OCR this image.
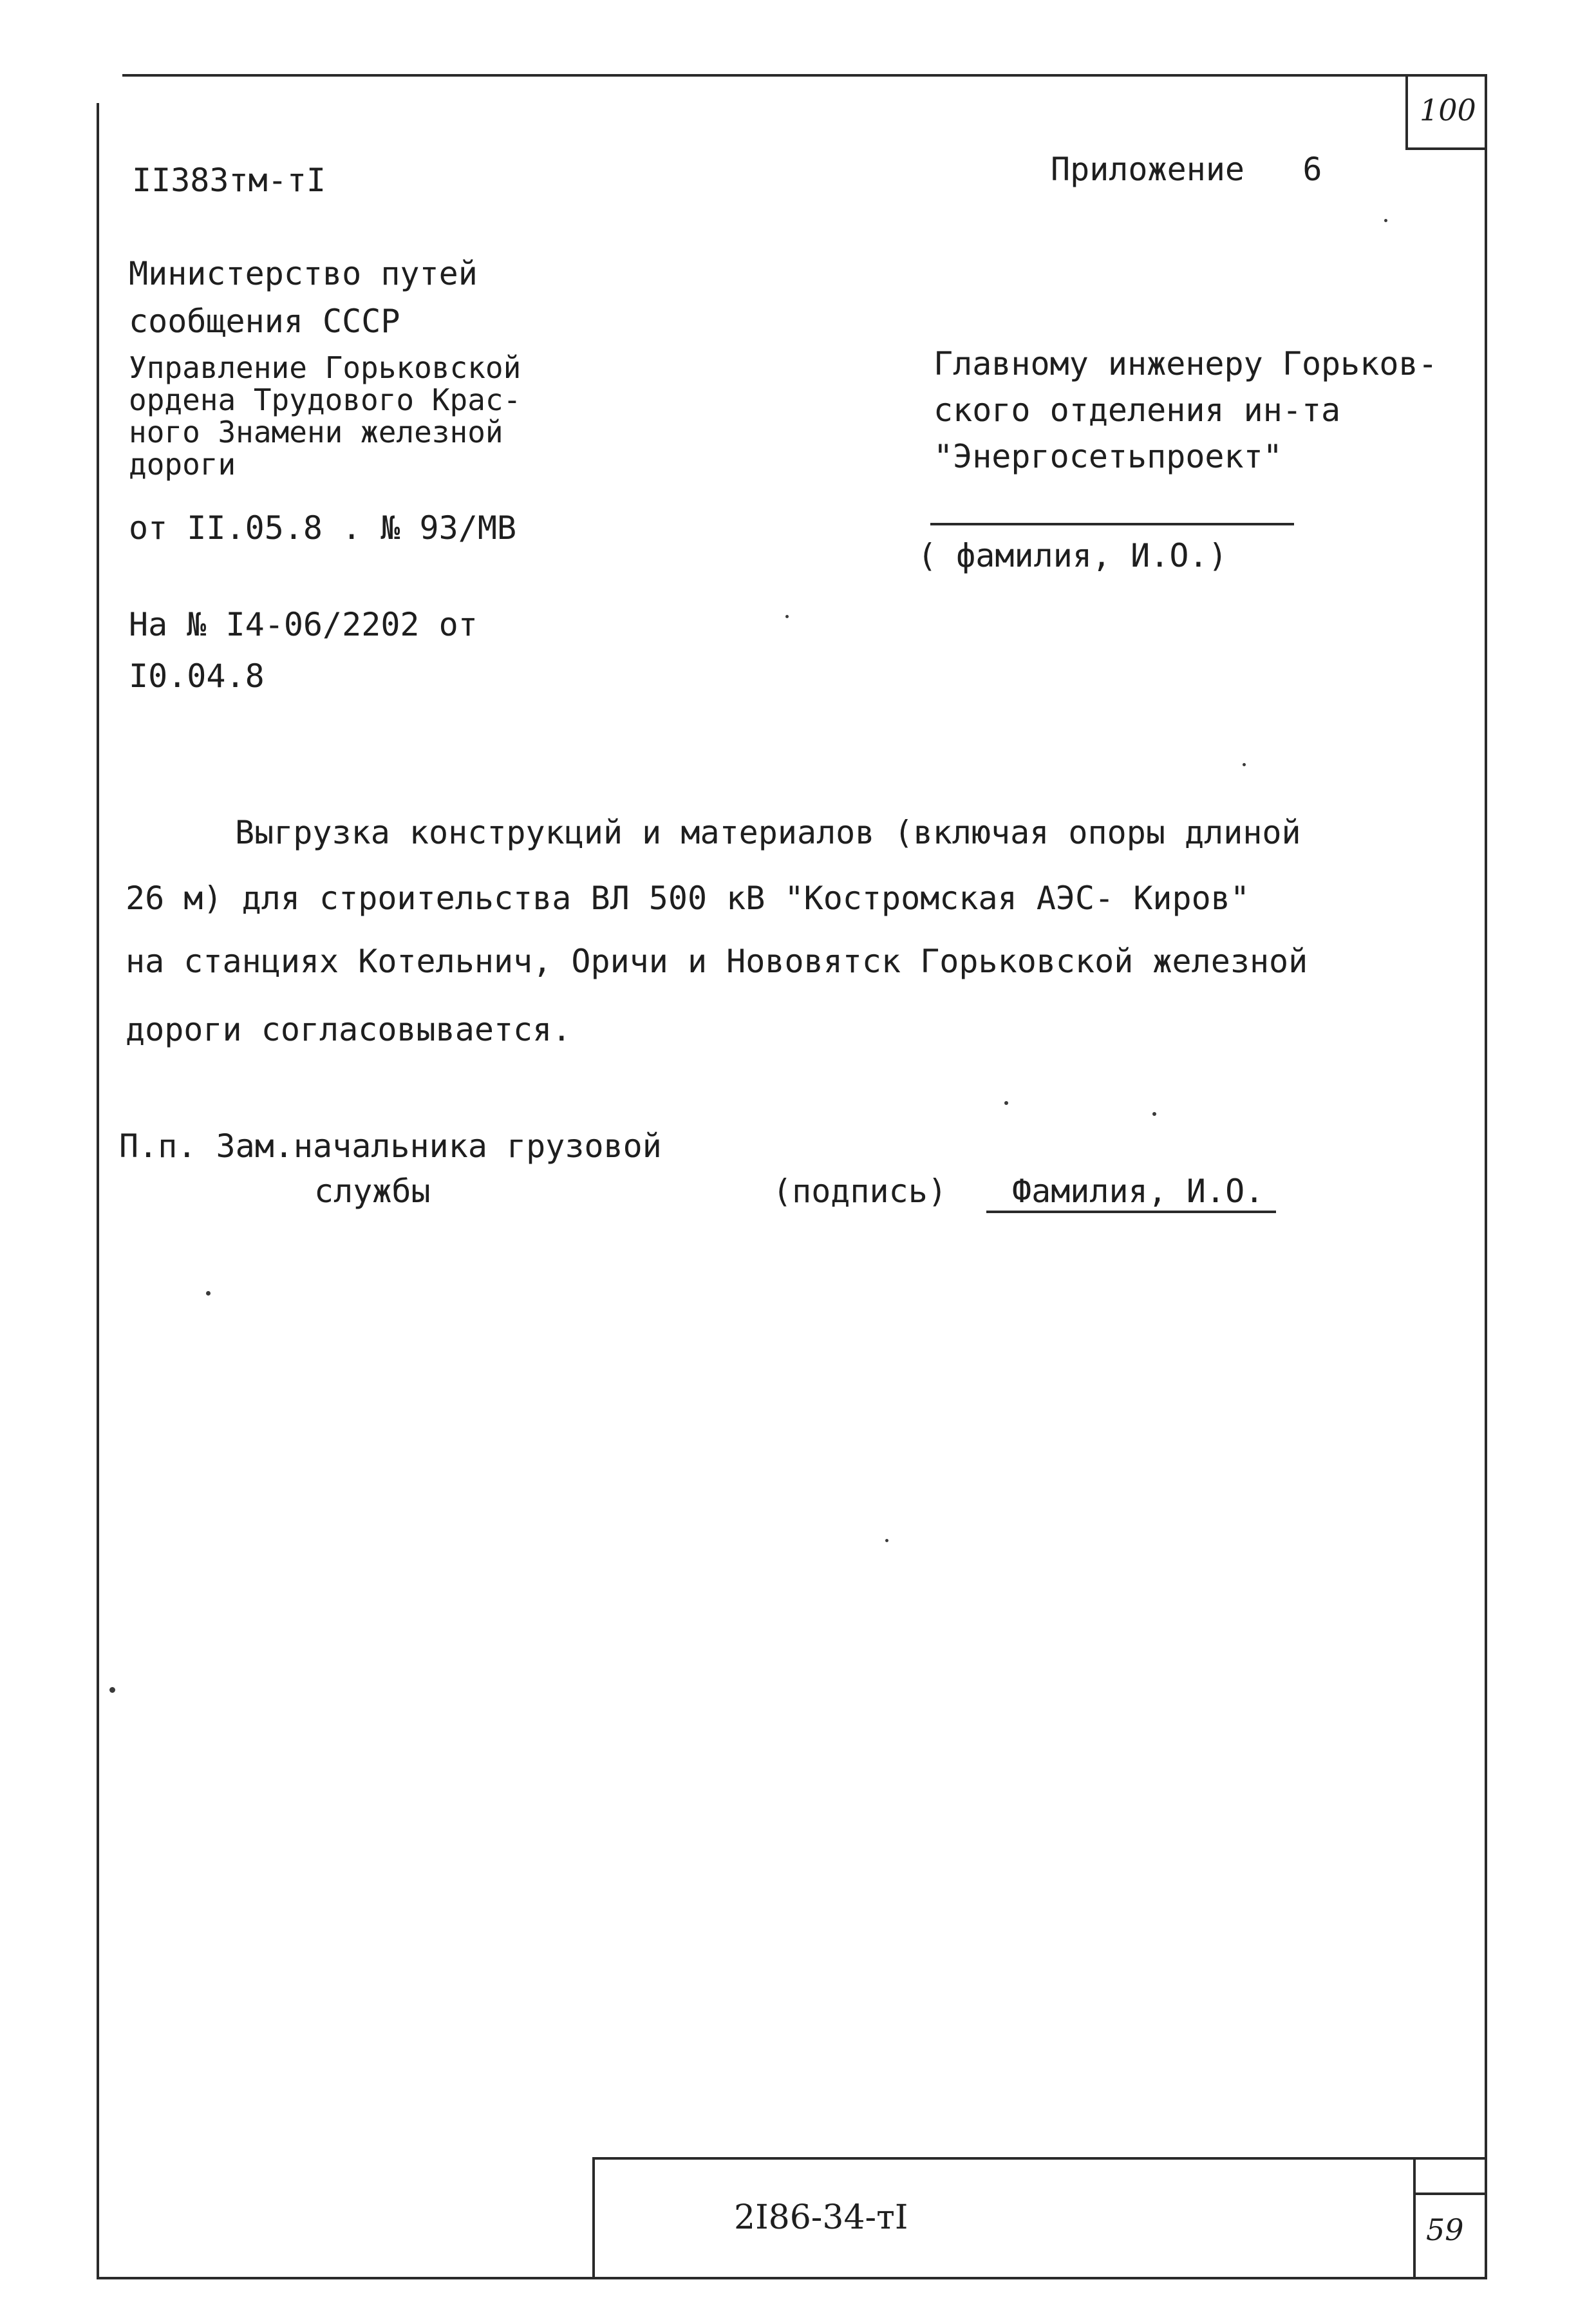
100
II383тм-тI	Приложение   6
Министерство путей
сообщения СССР
Управление Горьковской
ордена Трудового Крас-
ного Знамени железной
дороги
от II.05.8 . № 93/МВ
На № I4-06/2202 от
I0.04.8
Главному инженеру Горьков-
ского отделения ин-та
"Энергосетьпроект"
( фамилия, И.О.)
Выгрузка конструкций и материалов (включая опоры длиной
26 м) для строительства ВЛ 500 кВ "Костромская АЭС- Киров"
на станциях Котельнич, Оричи и Нововятск Горьковской железной
дороги согласовывается.
П.п. Зам.начальника грузовой
службы	(подпись) Фамилия, И.О.
2I86-34-тI	59
